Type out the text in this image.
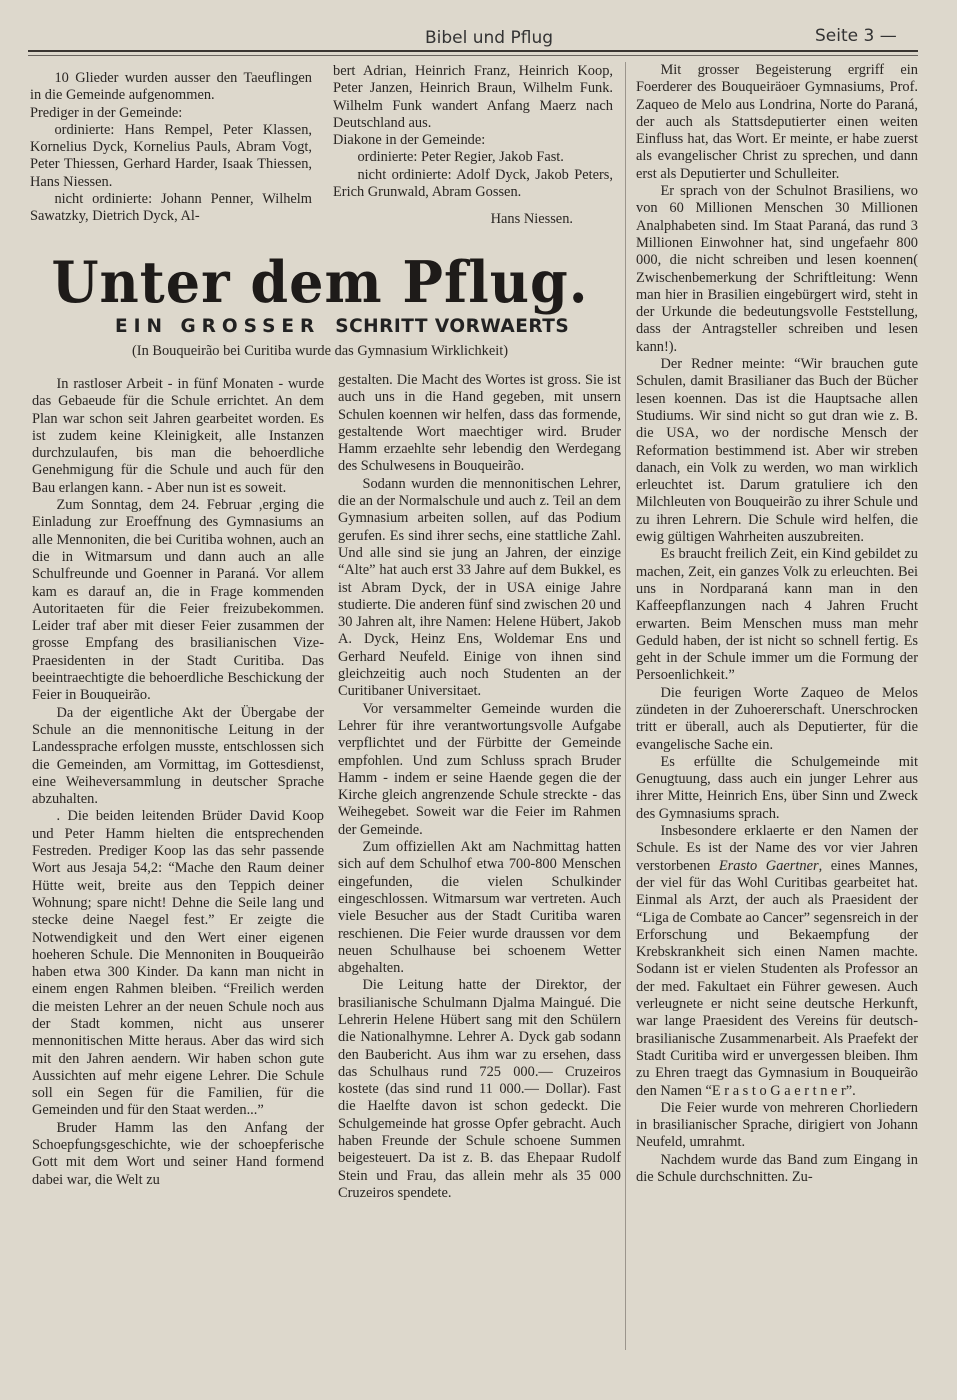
Bibel und Pflug	Seite 3 —

10 Glieder wurden ausser den Taeuflingen in die Gemeinde aufgenommen.

Prediger in der Gemeinde:

ordinierte: Hans Rempel, Peter Klassen, Kornelius Dyck, Kornelius Pauls, Abram Vogt, Peter Thiessen, Gerhard Harder, Isaak Thiessen, Hans Niessen.

nicht ordinierte: Johann Penner, Wilhelm Sawatzky, Dietrich Dyck, Al-

bert Adrian, Heinrich Franz, Heinrich Koop, Peter Janzen, Heinrich Braun, Wilhelm Funk. Wilhelm Funk wandert Anfang Maerz nach Deutschland aus.

Diakone in der Gemeinde:

ordinierte: Peter Regier, Jakob Fast.

nicht ordinierte: Adolf Dyck, Jakob Peters, Erich Grunwald, Abram Gossen.

Hans Niessen.

Unter dem Pflug.
EIN GROSSER SCHRITT VORWAERTS
(In Bouqueirão bei Curitiba wurde das Gymnasium Wirklichkeit)

In rastloser Arbeit - in fünf Monaten - wurde das Gebaeude für die Schule errichtet. An dem Plan war schon seit Jahren gearbeitet worden. Es ist zudem keine Kleinigkeit, alle Instanzen durchzulaufen, bis man die behoerdliche Genehmigung für die Schule und auch für den Bau erlangen kann. - Aber nun ist es soweit.

Zum Sonntag, dem 24. Februar ,erging die Einladung zur Eroeffnung des Gymnasiums an alle Mennoniten, die bei Curitiba wohnen, auch an die in Witmarsum und dann auch an alle Schulfreunde und Goenner in Paraná. Vor allem kam es darauf an, die in Frage kommenden Autoritaeten für die Feier freizubekommen. Leider traf aber mit dieser Feier zusammen der grosse Empfang des brasilianischen Vize-Praesidenten in der Stadt Curitiba. Das beeintraechtigte die behoerdliche Beschickung der Feier in Bouqueirão.

Da der eigentliche Akt der Übergabe der Schule an die mennonitische Leitung in der Landessprache erfolgen musste, entschlossen sich die Gemeinden, am Vormittag, im Gottesdienst, eine Weiheversammlung in deutscher Sprache abzuhalten.

. Die beiden leitenden Brüder David Koop und Peter Hamm hielten die entsprechenden Festreden. Prediger Koop las das sehr passende Wort aus Jesaja 54,2: “Mache den Raum deiner Hütte weit, breite aus den Teppich deiner Wohnung; spare nicht! Dehne die Seile lang und stecke deine Naegel fest.” Er zeigte die Notwendigkeit und den Wert einer eigenen hoeheren Schule. Die Mennoniten in Bouqueirão haben etwa 300 Kinder. Da kann man nicht in einem engen Rahmen bleiben. “Freilich werden die meisten Lehrer an der neuen Schule noch aus der Stadt kommen, nicht aus unserer mennonitischen Mitte heraus. Aber das wird sich mit den Jahren aendern. Wir haben schon gute Aussichten auf mehr eigene Lehrer. Die Schule soll ein Segen für die Familien, für die Gemeinden und für den Staat werden...”

Bruder Hamm las den Anfang der Schoepfungsgeschichte, wie der schoepferische Gott mit dem Wort und seiner Hand formend dabei war, die Welt zu

gestalten. Die Macht des Wortes ist gross. Sie ist auch uns in die Hand gegeben, mit unsern Schulen koennen wir helfen, dass das formende, gestaltende Wort maechtiger wird. Bruder Hamm erzaehlte sehr lebendig den Werdegang des Schulwesens in Bouqueirão.

Sodann wurden die mennonitischen Lehrer, die an der Normalschule und auch z. Teil an dem Gymnasium arbeiten sollen, auf das Podium gerufen. Es sind ihrer sechs, eine stattliche Zahl. Und alle sind sie jung an Jahren, der einzige “Alte” hat auch erst 33 Jahre auf dem Bukkel, es ist Abram Dyck, der in USA einige Jahre studierte. Die anderen fünf sind zwischen 20 und 30 Jahren alt, ihre Namen: Helene Hübert, Jakob A. Dyck, Heinz Ens, Woldemar Ens und Gerhard Neufeld. Einige von ihnen sind gleichzeitig auch noch Studenten an der Curitibaner Universitaet.

Vor versammelter Gemeinde wurden die Lehrer für ihre verantwortungsvolle Aufgabe verpflichtet und der Fürbitte der Gemeinde empfohlen. Und zum Schluss sprach Bruder Hamm - indem er seine Haende gegen die der Kirche gleich angrenzende Schule streckte - das Weihegebet. Soweit war die Feier im Rahmen der Gemeinde.

Zum offiziellen Akt am Nachmittag hatten sich auf dem Schulhof etwa 700-800 Menschen eingefunden, die vielen Schulkinder eingeschlossen. Witmarsum war vertreten. Auch viele Besucher aus der Stadt Curitiba waren reschienen. Die Feier wurde draussen vor dem neuen Schulhause bei schoenem Wetter abgehalten.

Die Leitung hatte der Direktor, der brasilianische Schulmann Djalma Maingué. Die Lehrerin Helene Hübert sang mit den Schülern die Nationalhymne. Lehrer A. Dyck gab sodann den Baubericht. Aus ihm war zu ersehen, dass das Schulhaus rund 725 000.— Cruzeiros kostete (das sind rund 11 000.— Dollar). Fast die Haelfte davon ist schon gedeckt. Die Schulgemeinde hat grosse Opfer gebracht. Auch haben Freunde der Schule schoene Summen beigesteuert. Da ist z. B. das Ehepaar Rudolf Stein und Frau, das allein mehr als 35 000 Cruzeiros spendete.

Mit grosser Begeisterung ergriff ein Foerderer des Bouqueiräoer Gymnasiums, Prof. Zaqueo de Melo aus Londrina, Norte do Paraná, der auch als Stattsdeputierter einen weiten Einfluss hat, das Wort. Er meinte, er habe zuerst als evangelischer Christ zu sprechen, und dann erst als Deputierter und Schulleiter.

Er sprach von der Schulnot Brasiliens, wo von 60 Millionen Menschen 30 Millionen Analphabeten sind. Im Staat Paraná, das rund 3 Millionen Einwohner hat, sind ungefaehr 800 000, die nicht schreiben und lesen koennen( Zwischenbemerkung der Schriftleitung: Wenn man hier in Brasilien eingebürgert wird, steht in der Urkunde die bedeutungsvolle Feststellung, dass der Antragsteller schreiben und lesen kann!).

Der Redner meinte: “Wir brauchen gute Schulen, damit Brasilianer das Buch der Bücher lesen koennen. Das ist die Hauptsache allen Studiums. Wir sind nicht so gut dran wie z. B. die USA, wo der nordische Mensch der Reformation bestimmend ist. Aber wir streben danach, ein Volk zu werden, wo man wirklich erleuchtet ist. Darum gratuliere ich den Milchleuten von Bouqueirão zu ihrer Schule und zu ihren Lehrern. Die Schule wird helfen, die ewig gültigen Wahrheiten auszubreiten.

Es braucht freilich Zeit, ein Kind gebildet zu machen, Zeit, ein ganzes Volk zu erleuchten. Bei uns in Nordparaná kann man in den Kaffeepflanzungen nach 4 Jahren Frucht erwarten. Beim Menschen muss man mehr Geduld haben, der ist nicht so schnell fertig. Es geht in der Schule immer um die Formung der Persoenlichkeit.”

Die feurigen Worte Zaqueo de Melos zündeten in der Zuhoererschaft. Unerschrocken tritt er überall, auch als Deputierter, für die evangelische Sache ein.

Es erfüllte die Schulgemeinde mit Genugtuung, dass auch ein junger Lehrer aus ihrer Mitte, Heinrich Ens, über Sinn und Zweck des Gymnasiums sprach.

Insbesondere erklaerte er den Namen der Schule. Es ist der Name des vor vier Jahren verstorbenen Erasto Gaertner, eines Mannes, der viel für das Wohl Curitibas gearbeitet hat. Einmal als Arzt, der auch als Praesident der “Liga de Combate ao Cancer” segensreich in der Erforschung und Bekaempfung der Krebskrankheit sich einen Namen machte. Sodann ist er vielen Studenten als Professor an der med. Fakultaet ein Führer gewesen. Auch verleugnete er nicht seine deutsche Herkunft, war lange Praesident des Vereins für deutsch-brasilianische Zusammenarbeit. Als Praefekt der Stadt Curitiba wird er unvergessen bleiben. Ihm zu Ehren traegt das Gymnasium in Bouqueirão den Namen “E r a s t o G a e r t n e r”.

Die Feier wurde von mehreren Chorliedern in brasilianischer Sprache, dirigiert von Johann Neufeld, umrahmt.

Nachdem wurde das Band zum Eingang in die Schule durchschnitten. Zu-
